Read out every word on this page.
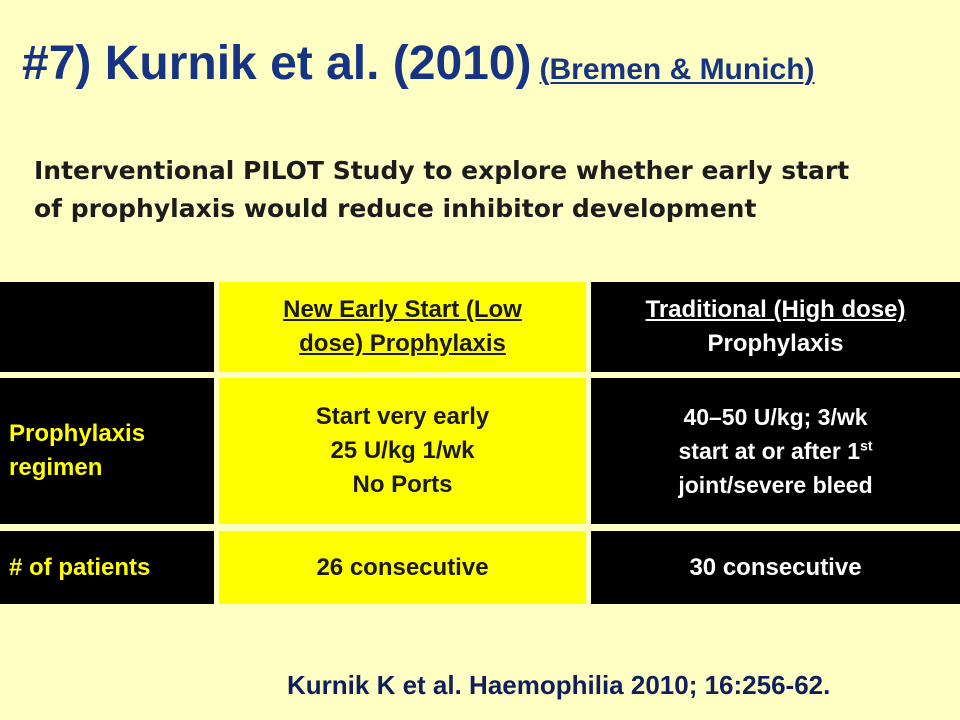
#7) Kurnik et al. (2010) (Bremen & Munich)

Interventional PILOT Study to explore whether early start
of prophylaxis would reduce inhibitor development

New Early Start (Low
dose) Prophylaxis
Traditional (High dose)
Prophylaxis
Prophylaxis
regimen
Start very early
25 U/kg 1/wk
No Ports
40–50 U/kg; 3/wk
start at or after 1st
joint/severe bleed
# of patients	26 consecutive	30 consecutive

Kurnik K et al. Haemophilia 2010; 16:256-62.
